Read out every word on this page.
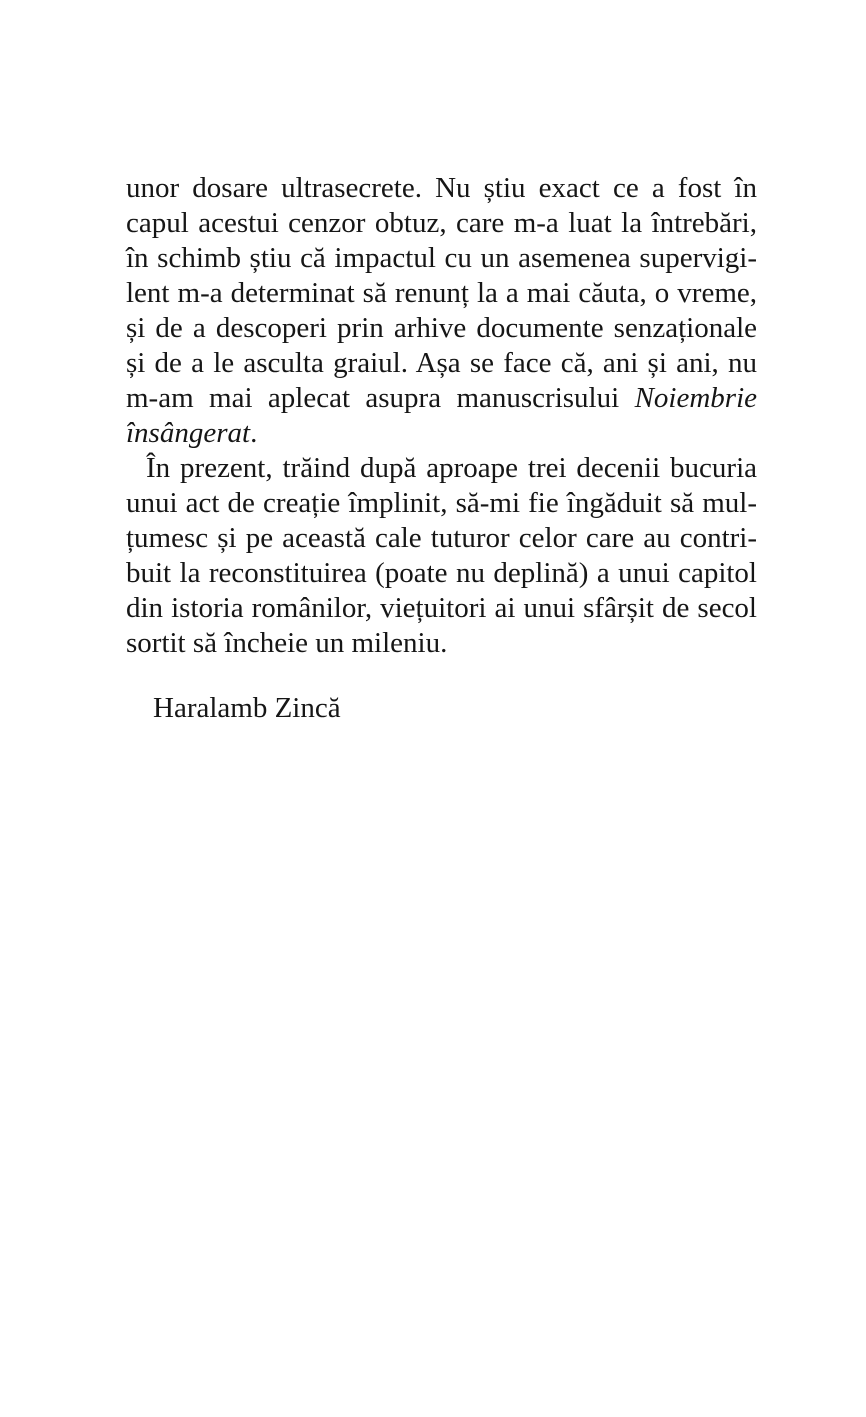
unor dosare ultrasecrete. Nu știu exact ce a fost în
capul acestui cenzor obtuz, care m-a luat la întrebări,
în schimb știu că impactul cu un asemenea supervigi-
lent m-a determinat să renunț la a mai căuta, o vreme,
și de a descoperi prin arhive documente senzaționale
și de a le asculta graiul. Așa se face că, ani și ani, nu
m-am mai aplecat asupra manuscrisului Noiembrie
însângerat.
În prezent, trăind după aproape trei decenii bucuria
unui act de creație împlinit, să-mi fie îngăduit să mul-
țumesc și pe această cale tuturor celor care au contri-
buit la reconstituirea (poate nu deplină) a unui capitol
din istoria românilor, viețuitori ai unui sfârșit de secol
sortit să încheie un mileniu.
Haralamb Zincă
